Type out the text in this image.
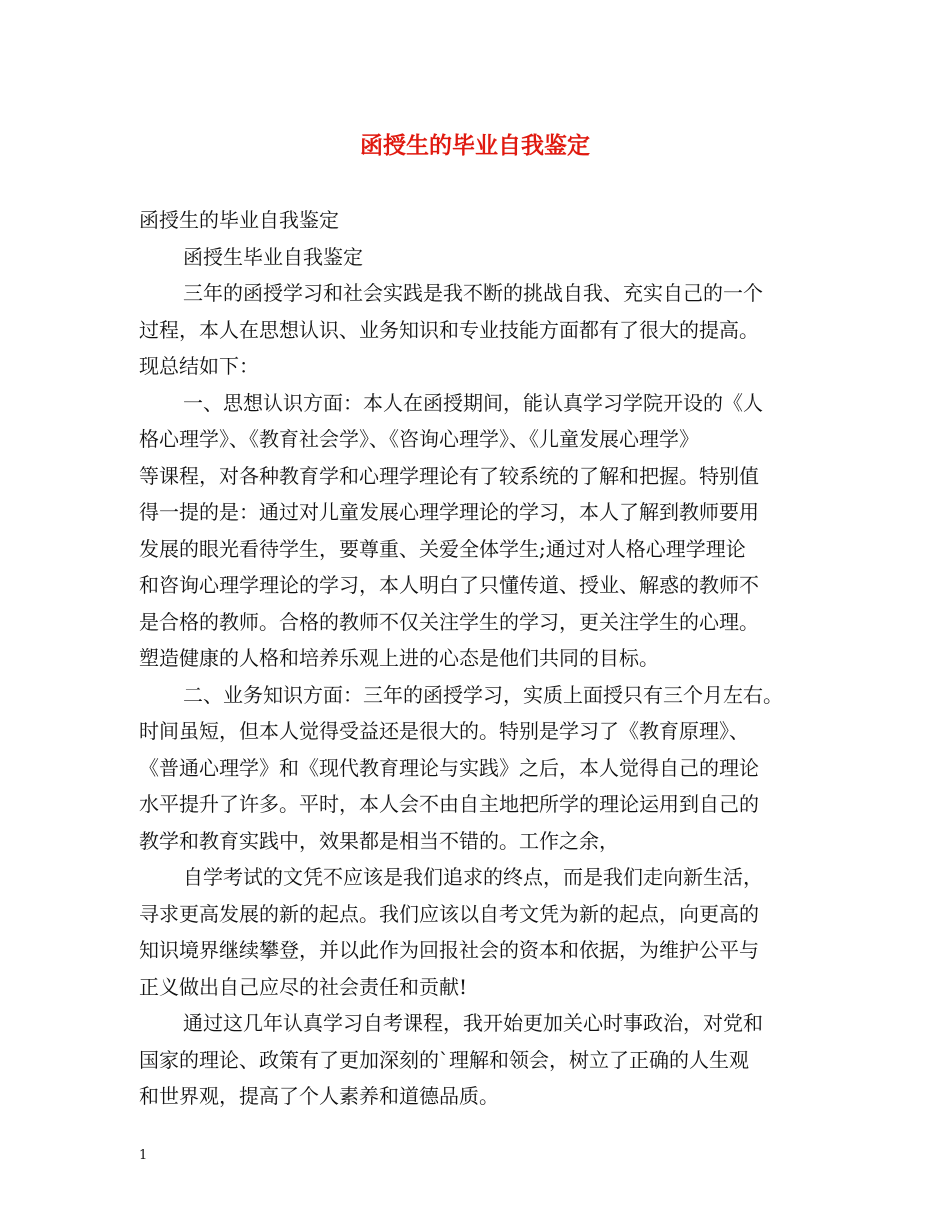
函授生的毕业自我鉴定
函授生的毕业自我鉴定
函授生毕业自我鉴定
三年的函授学习和社会实践是我不断的挑战自我、充实自己的一个
过程，本人在思想认识、业务知识和专业技能方面都有了很大的提高。
现总结如下：
一、思想认识方面：本人在函授期间，能认真学习学院开设的《人
格心理学》、《教育社会学》、《咨询心理学》、《儿童发展心理学》
等课程，对各种教育学和心理学理论有了较系统的了解和把握。特别值
得一提的是：通过对儿童发展心理学理论的学习，本人了解到教师要用
发展的眼光看待学生，要尊重、关爱全体学生;通过对人格心理学理论
和咨询心理学理论的学习，本人明白了只懂传道、授业、解惑的教师不
是合格的教师。合格的教师不仅关注学生的学习，更关注学生的心理。
塑造健康的人格和培养乐观上进的心态是他们共同的目标。
二、业务知识方面：三年的函授学习，实质上面授只有三个月左右。
时间虽短，但本人觉得受益还是很大的。特别是学习了《教育原理》、
《普通心理学》和《现代教育理论与实践》之后，本人觉得自己的理论
水平提升了许多。平时，本人会不由自主地把所学的理论运用到自己的
教学和教育实践中，效果都是相当不错的。工作之余，
自学考试的文凭不应该是我们追求的终点，而是我们走向新生活，
寻求更高发展的新的起点。我们应该以自考文凭为新的起点，向更高的
知识境界继续攀登，并以此作为回报社会的资本和依据，为维护公平与
正义做出自己应尽的社会责任和贡献!
通过这几年认真学习自考课程，我开始更加关心时事政治，对党和
国家的理论、政策有了更加深刻的`理解和领会，树立了正确的人生观
和世界观，提高了个人素养和道德品质。
1
